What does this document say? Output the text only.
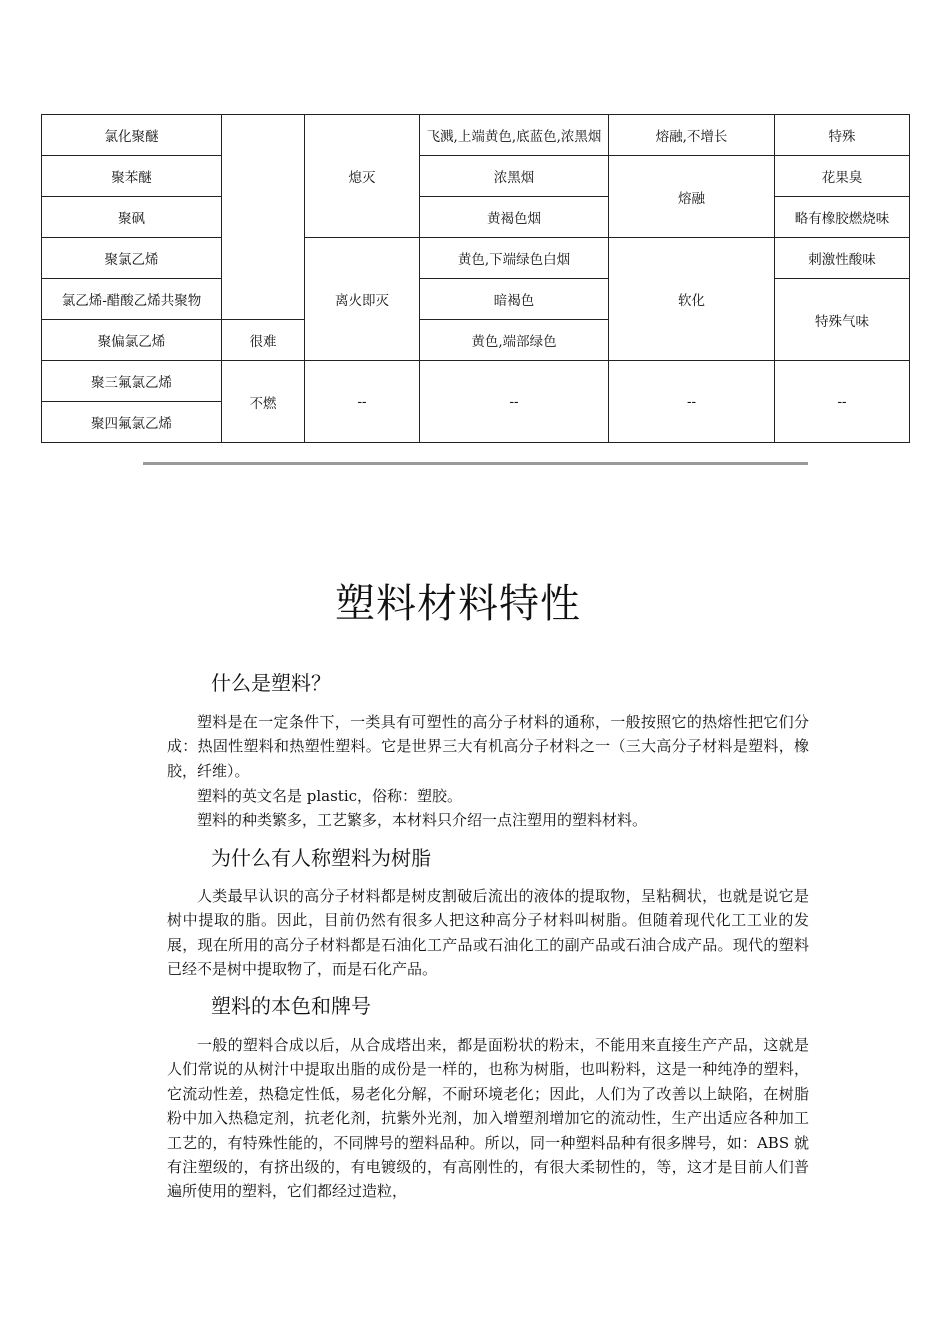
氯化聚醚		熄灭	飞溅,上端黄色,底蓝色,浓黑烟	熔融,不增长	特殊
聚苯醚			浓黑烟	熔融	花果臭
聚砜			黄褐色烟		略有橡胶燃烧味
聚氯乙烯		离火即灭	黄色,下端绿色白烟	软化	刺激性酸味
氯乙烯-醋酸乙烯共聚物			暗褐色		特殊气味
聚偏氯乙烯	很难		黄色,端部绿色		
聚三氟氯乙烯	不燃	--	--	--	--
聚四氟氯乙烯					
塑料材料特性
什么是塑料？

塑料是在一定条件下，一类具有可塑性的高分子材料的通称，一般按照它的热熔性把它们分成：热固性塑料和热塑性塑料。它是世界三大有机高分子材料之一（三大高分子材料是塑料，橡胶，纤维）。

塑料的英文名是 plastic，俗称：塑胶。

塑料的种类繁多，工艺繁多，本材料只介绍一点注塑用的塑料材料。

为什么有人称塑料为树脂

人类最早认识的高分子材料都是树皮割破后流出的液体的提取物，呈粘稠状，也就是说它是树中提取的脂。因此，目前仍然有很多人把这种高分子材料叫树脂。但随着现代化工工业的发展，现在所用的高分子材料都是石油化工产品或石油化工的副产品或石油合成产品。现代的塑料已经不是树中提取物了，而是石化产品。

塑料的本色和牌号

一般的塑料合成以后，从合成塔出来，都是面粉状的粉末，不能用来直接生产产品，这就是人们常说的从树汁中提取出脂的成份是一样的，也称为树脂，也叫粉料，这是一种纯净的塑料，它流动性差，热稳定性低，易老化分解，不耐环境老化；因此，人们为了改善以上缺陷，在树脂粉中加入热稳定剂，抗老化剂，抗紫外光剂，加入增塑剂增加它的流动性，生产出适应各种加工工艺的，有特殊性能的，不同牌号的塑料品种。所以，同一种塑料品种有很多牌号，如：ABS 就有注塑级的，有挤出级的，有电镀级的，有高刚性的，有很大柔韧性的，等，这才是目前人们普遍所使用的塑料，它们都经过造粒，
